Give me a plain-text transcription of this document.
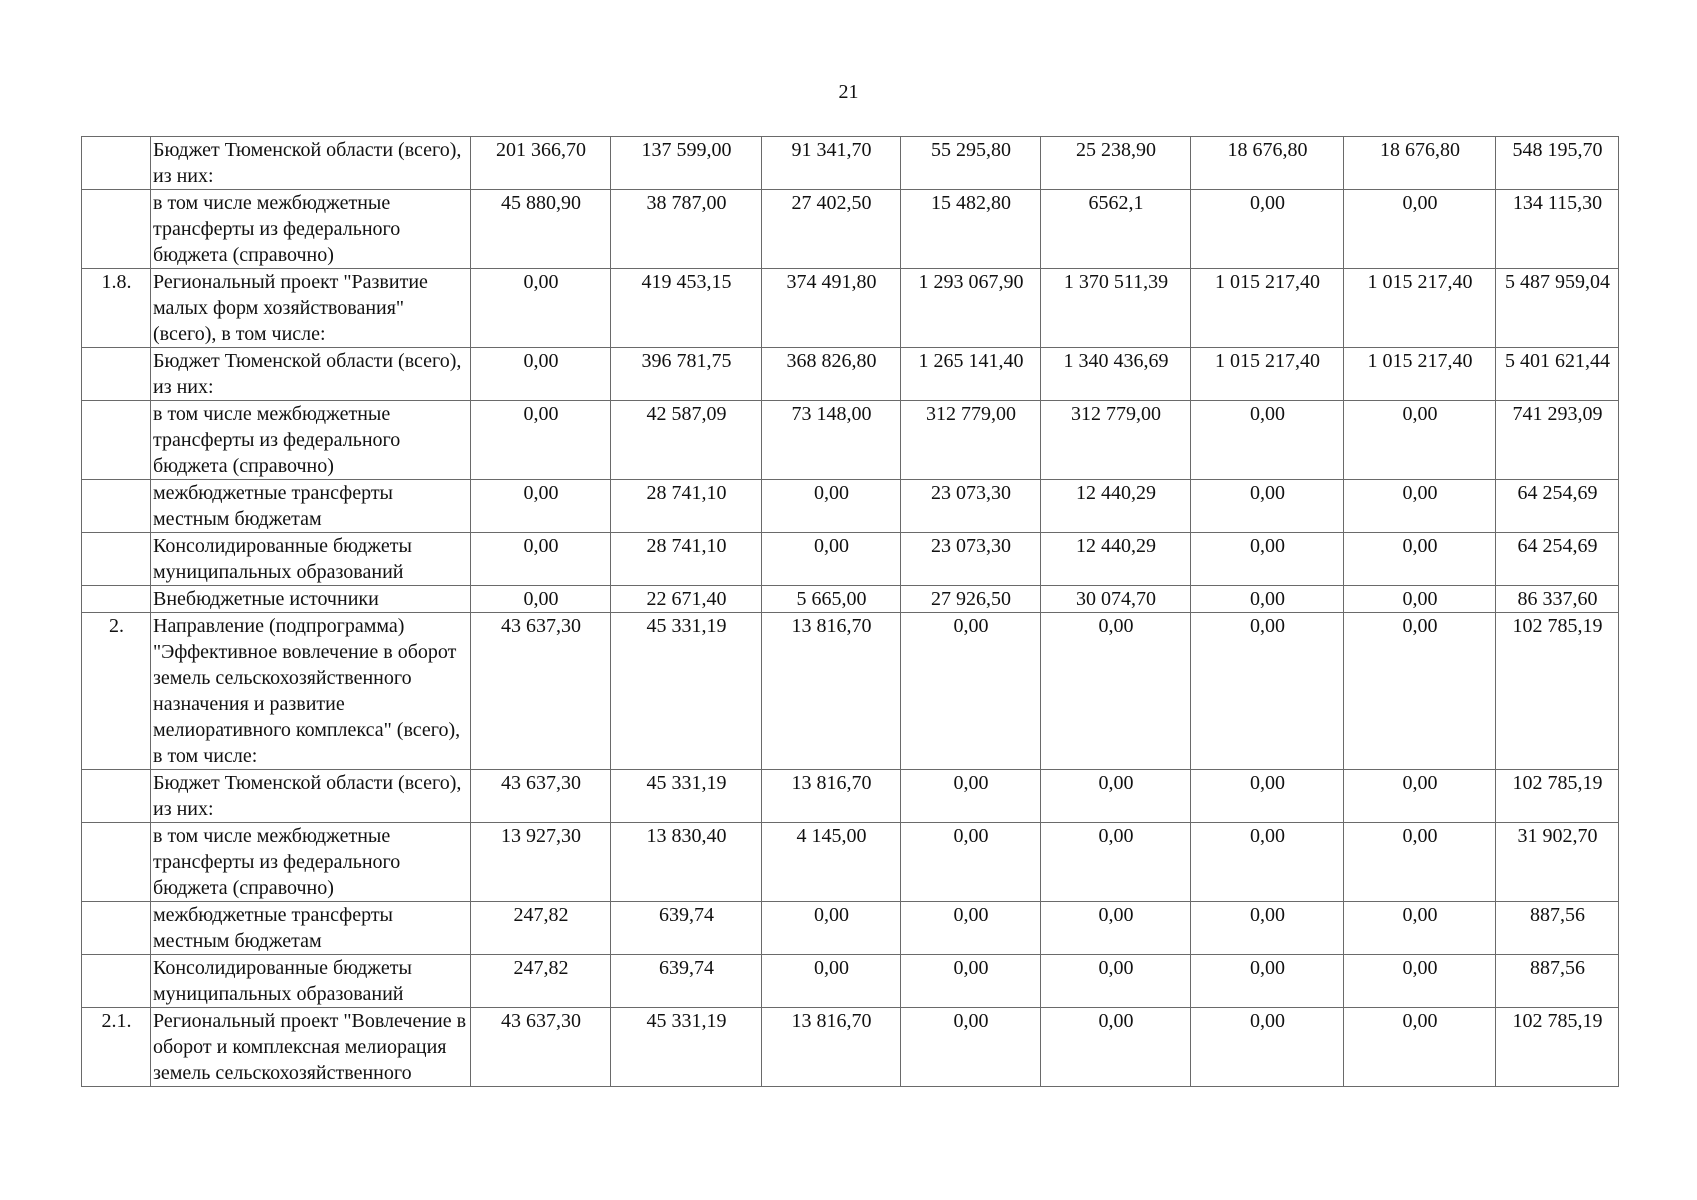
21
	Бюджет Тюменской области (всего), из них:	201 366,70	137 599,00	91 341,70	55 295,80	25 238,90	18 676,80	18 676,80	548 195,70
	в том числе межбюджетные трансферты из федерального бюджета (справочно)	45 880,90	38 787,00	27 402,50	15 482,80	6562,1	0,00	0,00	134 115,30
1.8.	Региональный проект "Развитие малых форм хозяйствования" (всего), в том числе:	0,00	419 453,15	374 491,80	1 293 067,90	1 370 511,39	1 015 217,40	1 015 217,40	5 487 959,04
	Бюджет Тюменской области (всего), из них:	0,00	396 781,75	368 826,80	1 265 141,40	1 340 436,69	1 015 217,40	1 015 217,40	5 401 621,44
	в том числе межбюджетные трансферты из федерального бюджета (справочно)	0,00	42 587,09	73 148,00	312 779,00	312 779,00	0,00	0,00	741 293,09
	межбюджетные трансферты местным бюджетам	0,00	28 741,10	0,00	23 073,30	12 440,29	0,00	0,00	64 254,69
	Консолидированные бюджеты муниципальных образований	0,00	28 741,10	0,00	23 073,30	12 440,29	0,00	0,00	64 254,69
	Внебюджетные источники	0,00	22 671,40	5 665,00	27 926,50	30 074,70	0,00	0,00	86 337,60
2.	Направление (подпрограмма) "Эффективное вовлечение в оборот земель сельскохозяйственного назначения и развитие мелиоративного комплекса" (всего), в том числе:	43 637,30	45 331,19	13 816,70	0,00	0,00	0,00	0,00	102 785,19
	Бюджет Тюменской области (всего), из них:	43 637,30	45 331,19	13 816,70	0,00	0,00	0,00	0,00	102 785,19
	в том числе межбюджетные трансферты из федерального бюджета (справочно)	13 927,30	13 830,40	4 145,00	0,00	0,00	0,00	0,00	31 902,70
	межбюджетные трансферты местным бюджетам	247,82	639,74	0,00	0,00	0,00	0,00	0,00	887,56
	Консолидированные бюджеты муниципальных образований	247,82	639,74	0,00	0,00	0,00	0,00	0,00	887,56
2.1.	Региональный проект "Вовлечение в оборот и комплексная мелиорация земель сельскохозяйственного	43 637,30	45 331,19	13 816,70	0,00	0,00	0,00	0,00	102 785,19
